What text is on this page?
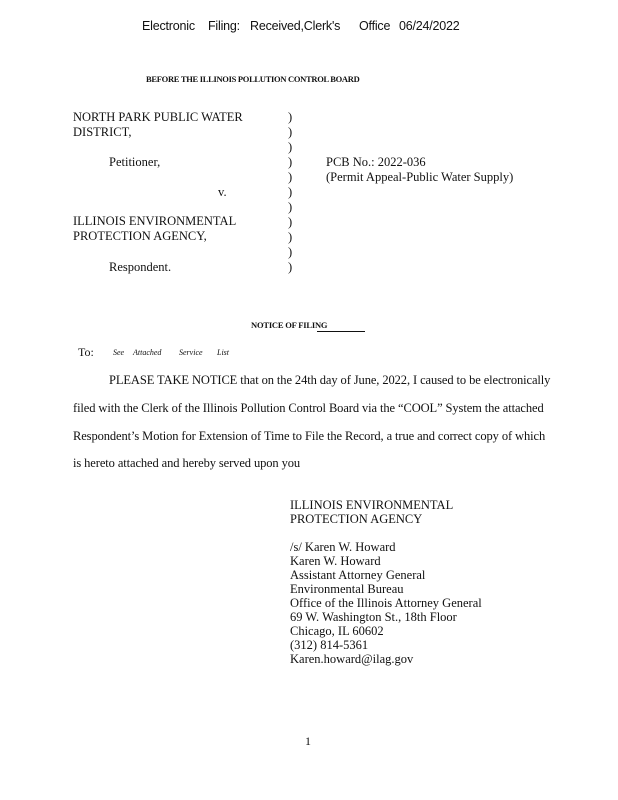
Electronic Filing: Received,Clerk's Office 06/24/2022
BEFORE THE ILLINOIS POLLUTION CONTROL BOARD
NORTH PARK PUBLIC WATER
DISTRICT,
Petitioner,
v.
ILLINOIS ENVIRONMENTAL
PROTECTION AGENCY,
Respondent.
)
)
)
)
)
)
)
)
)
)
)
PCB No.: 2022-036
(Permit Appeal-Public Water Supply)
NOTICE OF FILING
To: See Attached Service List
PLEASE TAKE NOTICE that on the 24th day of June, 2022, I caused to be electronically
filed with the Clerk of the Illinois Pollution Control Board via the “COOL” System the attached
Respondent’s Motion for Extension of Time to File the Record, a true and correct copy of which
is hereto attached and hereby served upon you
ILLINOIS ENVIRONMENTAL
PROTECTION AGENCY
/s/ Karen W. Howard
Karen W. Howard
Assistant Attorney General
Environmental Bureau
Office of the Illinois Attorney General
69 W. Washington St., 18th Floor
Chicago, IL 60602
(312) 814-5361
Karen.howard@ilag.gov
1
